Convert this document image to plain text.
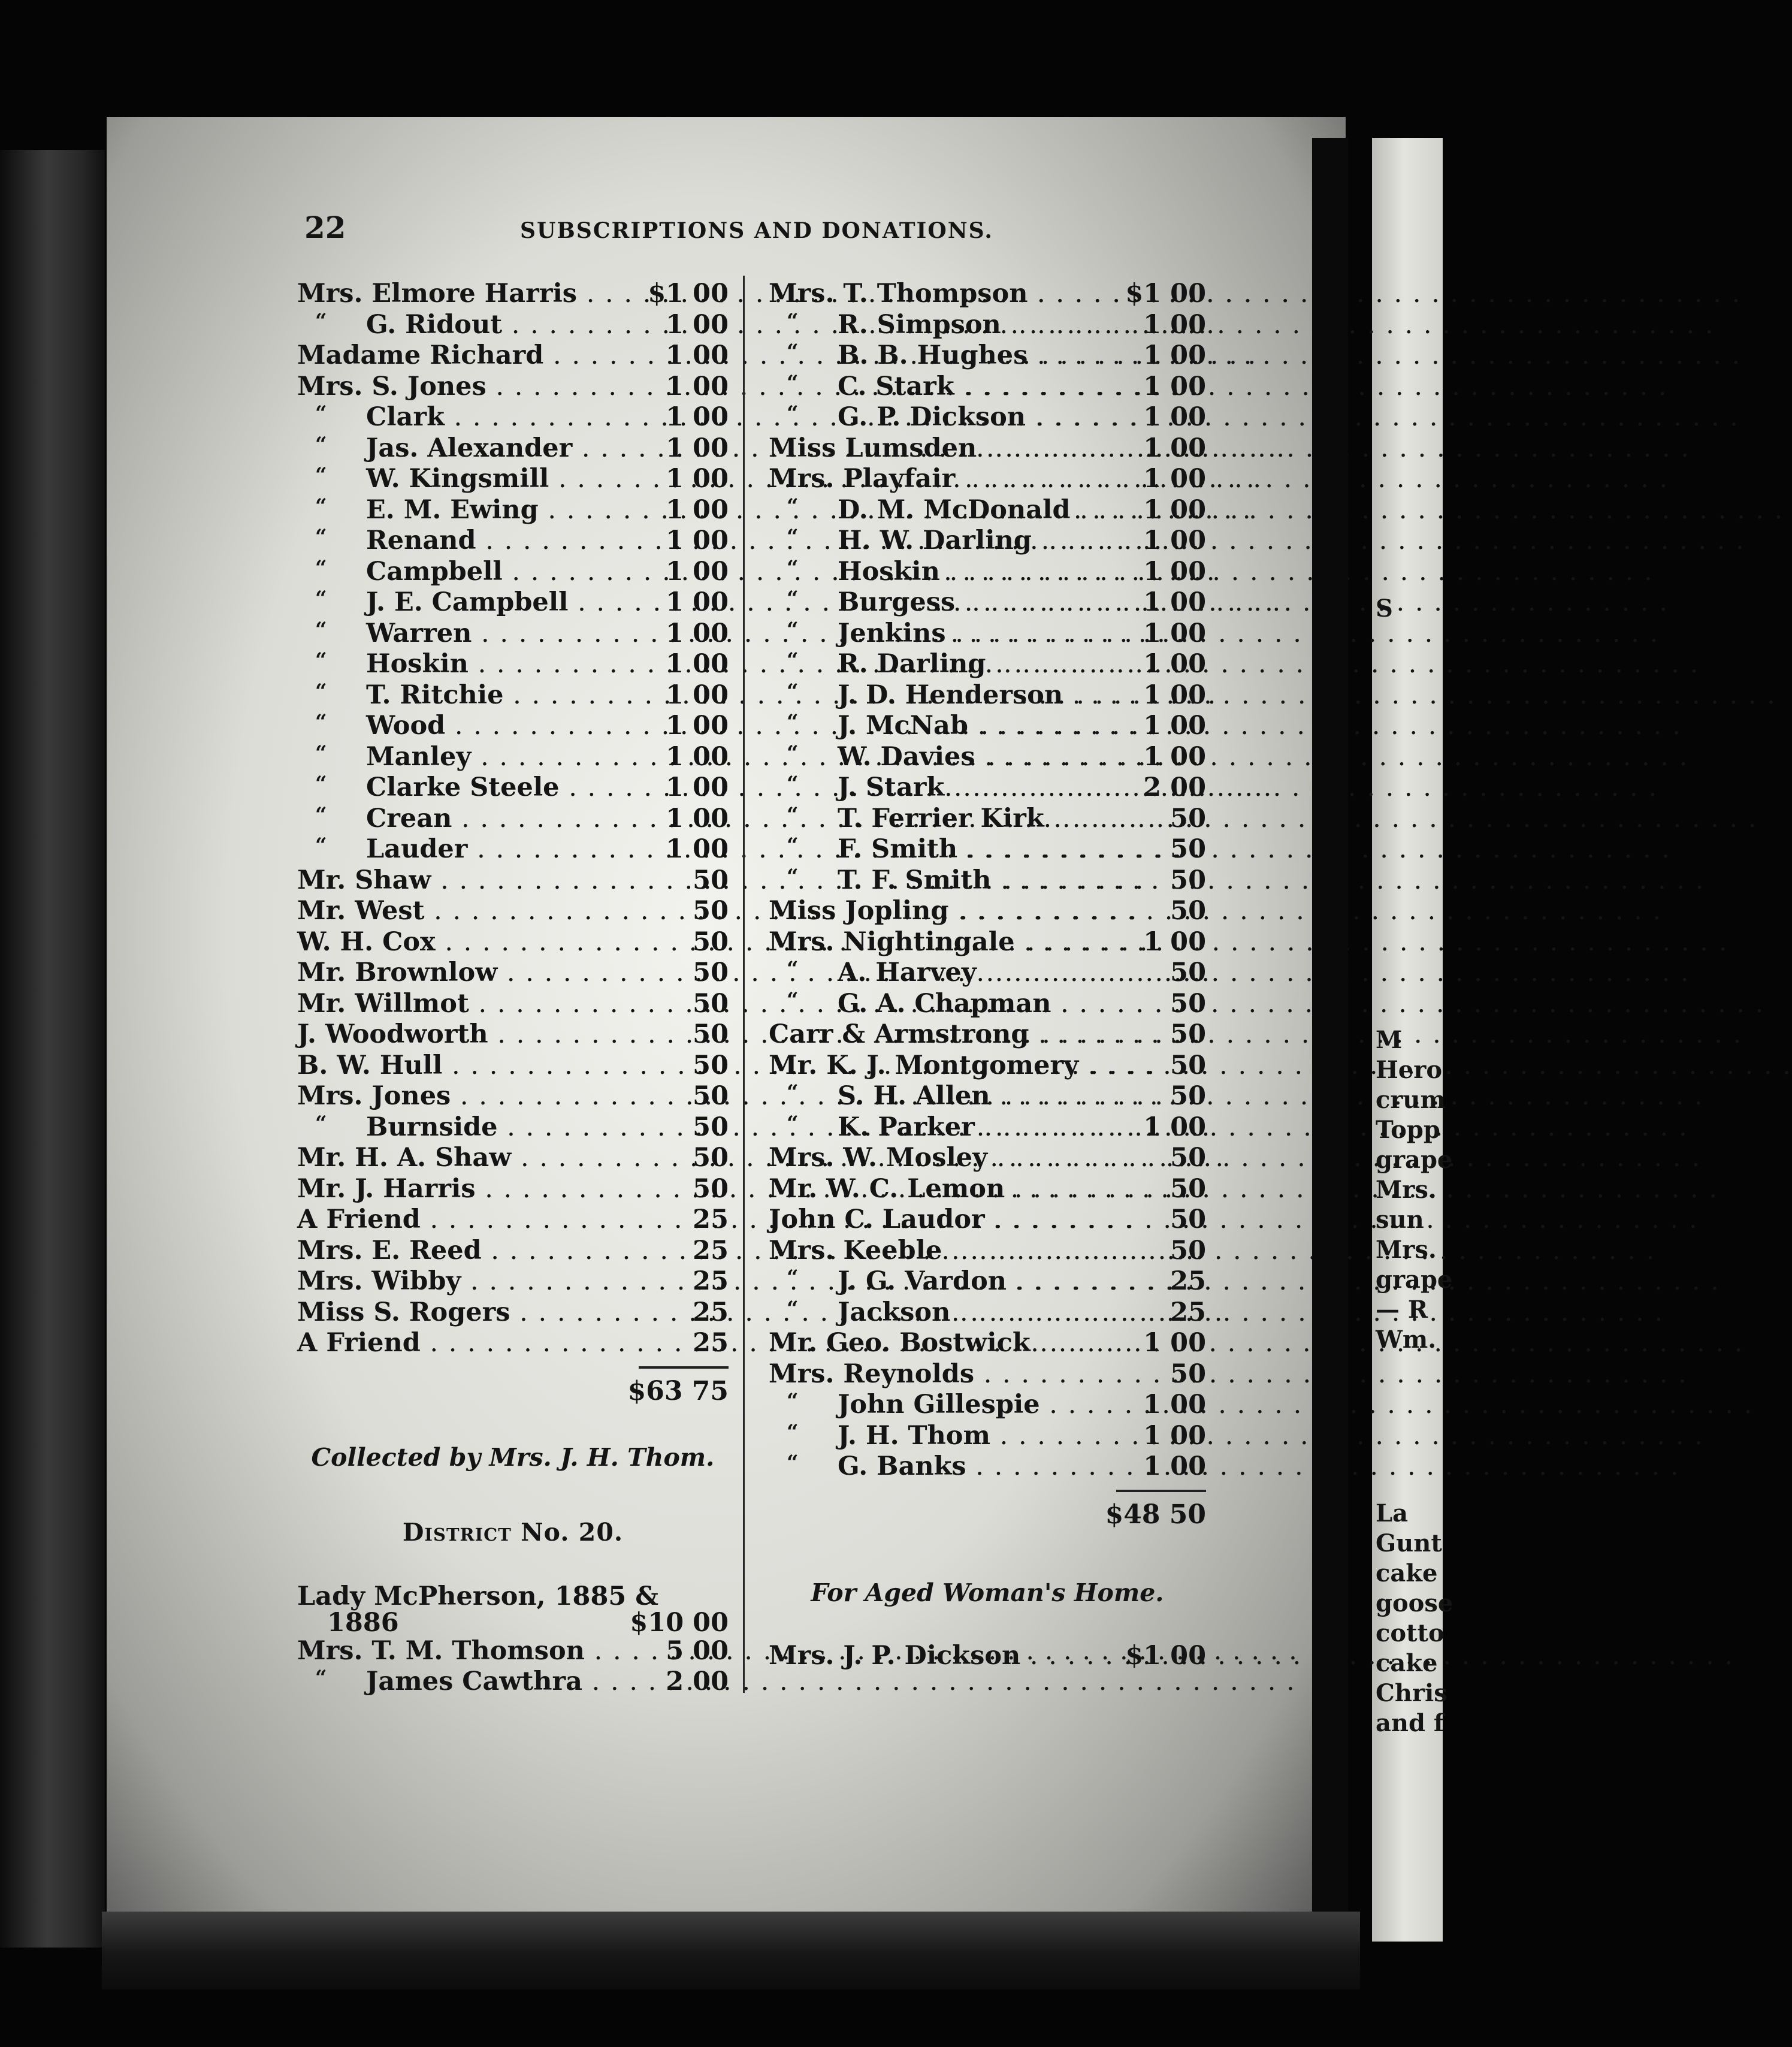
S
M
Hero
crum
Topp
grape
Mrs.
sun
Mrs.
grape
— R
Wm.
La
Gunt
cake
goose
cotto
cake
Chris
and f
22	SUBSCRIPTIONS AND DONATIONS.
Mrs. Elmore Harris . . .	$1 00
“ G. Ridout . . .	1 00
Madame Richard . . .	1 00
Mrs. S. Jones . . .	1 00
“ Clark . . .	1 00
“ Jas. Alexander . . .	1 00
“ W. Kingsmill . . .	1 00
“ E. M. Ewing . . .	1 00
“ Renand . . .	1 00
“ Campbell . . .	1 00
“ J. E. Campbell . . .	1 00
“ Warren . . .	1 00
“ Hoskin . . .	1 00
“ T. Ritchie . . .	1 00
“ Wood . . .	1 00
“ Manley . . .	1 00
“ Clarke Steele . . .	1 00
“ Crean . . .	1 00
“ Lauder . . .	1 00
Mr. Shaw . . .	50
Mr. West . . .	50
W. H. Cox . . .	50
Mr. Brownlow . . .	50
Mr. Willmot . . .	50
J. Woodworth . . .	50
B. W. Hull . . .	50
Mrs. Jones . . .	50
“ Burnside . . .	50
Mr. H. A. Shaw . . .	50
Mr. J. Harris . . .	50
A Friend . . .	25
Mrs. E. Reed . . .	25
Mrs. Wibby . . .	25
Miss S. Rogers . . .	25
A Friend . . .	25
$63 75
Collected by Mrs. J. H. Thom.
District No. 20.
Lady McPherson, 1885 &
1886	$10 00
Mrs. T. M. Thomson . . .	5 00
“ James Cawthra . . .	2 00
Mrs. T. Thompson . . .	$1 00
“ R. Simpson . . .	1 00
“ B. B. Hughes . . .	1 00
“ C. Stark . . .	1 00
“ G. P. Dickson . . .	1 00
Miss Lumsden . . .	1 00
Mrs. Playfair . . .	1 00
“ D. M. McDonald . . .	1 00
“ H. W. Darling . . .	1 00
“ Hoskin . . .	1 00
“ Burgess . . .	1 00
“ Jenkins . . .	1 00
“ R. Darling . . .	1 00
“ J. D. Henderson . . .	1 00
“ J. McNab . . .	1 00
“ W. Davies . . .	1 00
“ J. Stark . . .	2 00
“ T. Ferrier Kirk . . .	50
“ F. Smith . . .	50
“ T. F. Smith . . .	50
Miss Jopling . . .	50
Mrs. Nightingale . . .	1 00
“ A. Harvey . . .	50
“ G. A. Chapman . . .	50
Carr & Armstrong . . .	50
Mr. K. J. Montgomery . . .	50
“ S. H. Allen . . .	50
“ K. Parker . . .	1 00
Mrs. W. Mosley . . .	50
Mr. W. C. Lemon . . .	50
John C. Laudor . . .	50
Mrs. Keeble . . .	50
“ J. G. Vardon . . .	25
“ Jackson . . .	25
Mr. Geo. Bostwick . . .	1 00
Mrs. Reynolds . . .	50
“ John Gillespie . . .	1 00
“ J. H. Thom . . .	1 00
“ G. Banks . . .	1 00
$48 50
For Aged Woman's Home.
Mrs. J. P. Dickson . . .	$1 00
